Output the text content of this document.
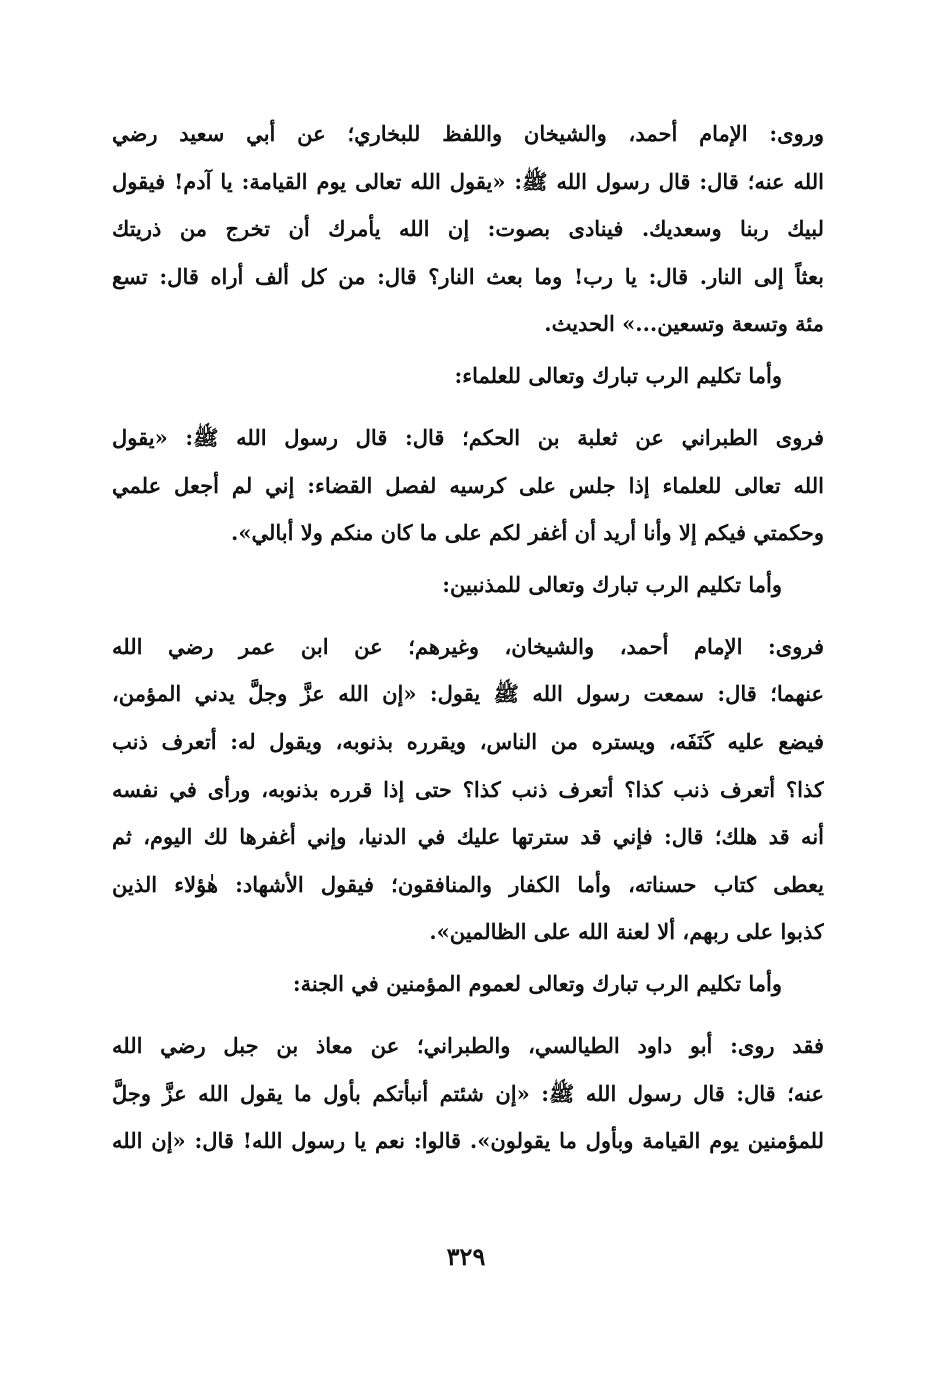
وروى: الإمام أحمد، والشيخان واللفظ للبخاري؛ عن أبي سعيد رضي
الله عنه؛ قال: قال رسول الله ﷺ: «يقول الله تعالى يوم القيامة: يا آدم! فيقول
لبيك ربنا وسعديك. فينادى بصوت: إن الله يأمرك أن تخرج من ذريتك
بعثاً إلى النار. قال: يا رب! وما بعث النار؟ قال: من كل ألف أراه قال: تسع
مئة وتسعة وتسعين...» الحديث.
وأما تكليم الرب تبارك وتعالى للعلماء:
فروى الطبراني عن ثعلبة بن الحكم؛ قال: قال رسول الله ﷺ: «يقول
الله تعالى للعلماء إذا جلس على كرسيه لفصل القضاء: إني لم أجعل علمي
وحكمتي فيكم إلا وأنا أريد أن أغفر لكم على ما كان منكم ولا أبالي».
وأما تكليم الرب تبارك وتعالى للمذنبين:
فروى: الإمام أحمد، والشيخان، وغيرهم؛ عن ابن عمر رضي الله
عنهما؛ قال: سمعت رسول الله ﷺ يقول: «إن الله عزَّ وجلَّ يدني المؤمن،
فيضع عليه كَنَفَه، ويستره من الناس، ويقرره بذنوبه، ويقول له: أتعرف ذنب
كذا؟ أتعرف ذنب كذا؟ أتعرف ذنب كذا؟ حتى إذا قرره بذنوبه، ورأى في نفسه
أنه قد هلك؛ قال: فإني قد سترتها عليك في الدنيا، وإني أغفرها لك اليوم، ثم
يعطى كتاب حسناته، وأما الكفار والمنافقون؛ فيقول الأشهاد: هٰؤلاء الذين
كذبوا على ربهم، ألا لعنة الله على الظالمين».
وأما تكليم الرب تبارك وتعالى لعموم المؤمنين في الجنة:
فقد روى: أبو داود الطيالسي، والطبراني؛ عن معاذ بن جبل رضي الله
عنه؛ قال: قال رسول الله ﷺ: «إن شئتم أنبأتكم بأول ما يقول الله عزَّ وجلَّ
للمؤمنين يوم القيامة وبأول ما يقولون». قالوا: نعم يا رسول الله! قال: «إن الله
٣٢٩
